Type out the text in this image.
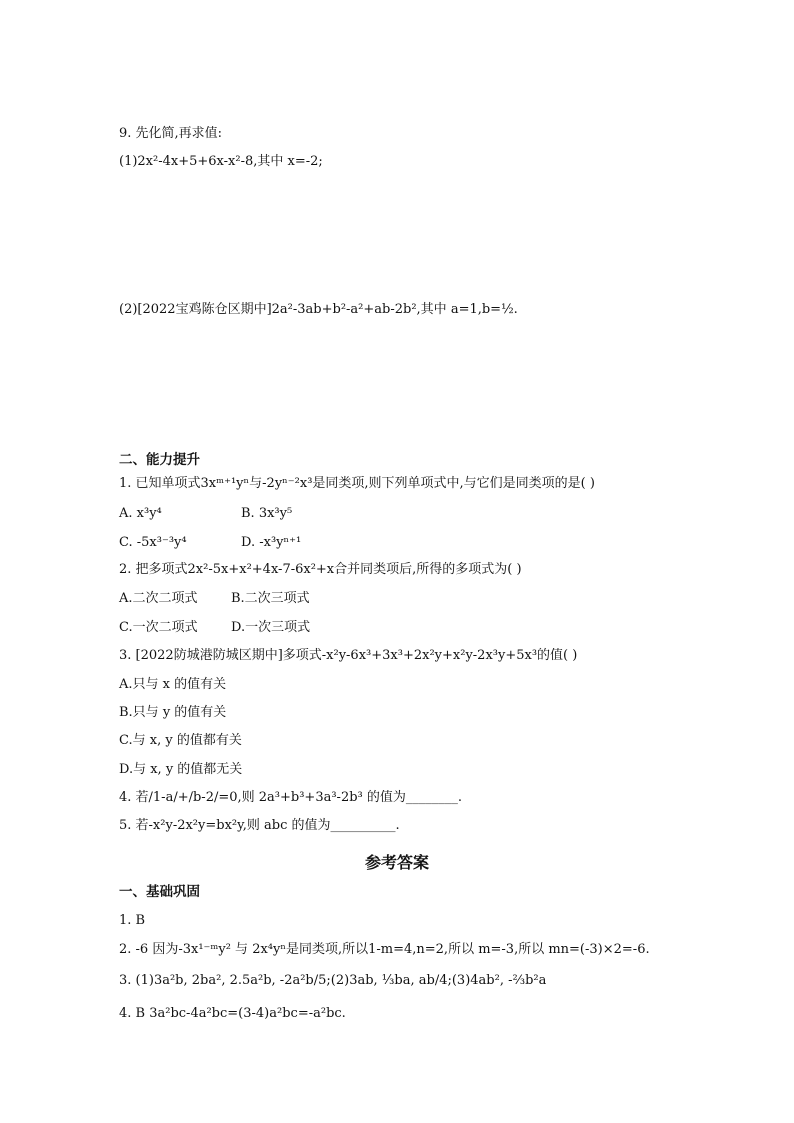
9. 先化简,再求值:
(1)2x²-4x+5+6x-x²-8,其中 x=-2;
(2)[2022宝鸡陈仓区期中]2a²-3ab+b²-a²+ab-2b²,其中 a=1,b=½.
二、能力提升
1. 已知单项式3xᵐ⁺¹yⁿ与-2yⁿ⁻²x³是同类项,则下列单项式中,与它们是同类项的是( )
A. x³y⁴	B. 3x³y⁵
C. -5x³⁻³y⁴	D. -x³yⁿ⁺¹
2. 把多项式2x²-5x+x²+4x-7-6x²+x合并同类项后,所得的多项式为( )
A.二次二项式	B.二次三项式
C.一次二项式	D.一次三项式
3. [2022防城港防城区期中]多项式-x²y-6x³+3x³+2x²y+x²y-2x³y+5x³的值( )
A.只与 x 的值有关
B.只与 y 的值有关
C.与 x, y 的值都有关
D.与 x, y 的值都无关
4. 若/1-a/+/b-2/=0,则 2a³+b³+3a³-2b³ 的值为________.
5. 若-x²y-2x²y=bx²y,则 abc 的值为__________.
参考答案
一、基础巩固
1. B
2. -6 因为-3x¹⁻ᵐy² 与 2x⁴yⁿ是同类项,所以1-m=4,n=2,所以 m=-3,所以 mn=(-3)×2=-6.
3. (1)3a²b, 2ba², 2.5a²b, -2a²b/5;(2)3ab, ⅓ba, ab/4;(3)4ab², -⅔b²a
4. B 3a²bc-4a²bc=(3-4)a²bc=-a²bc.
